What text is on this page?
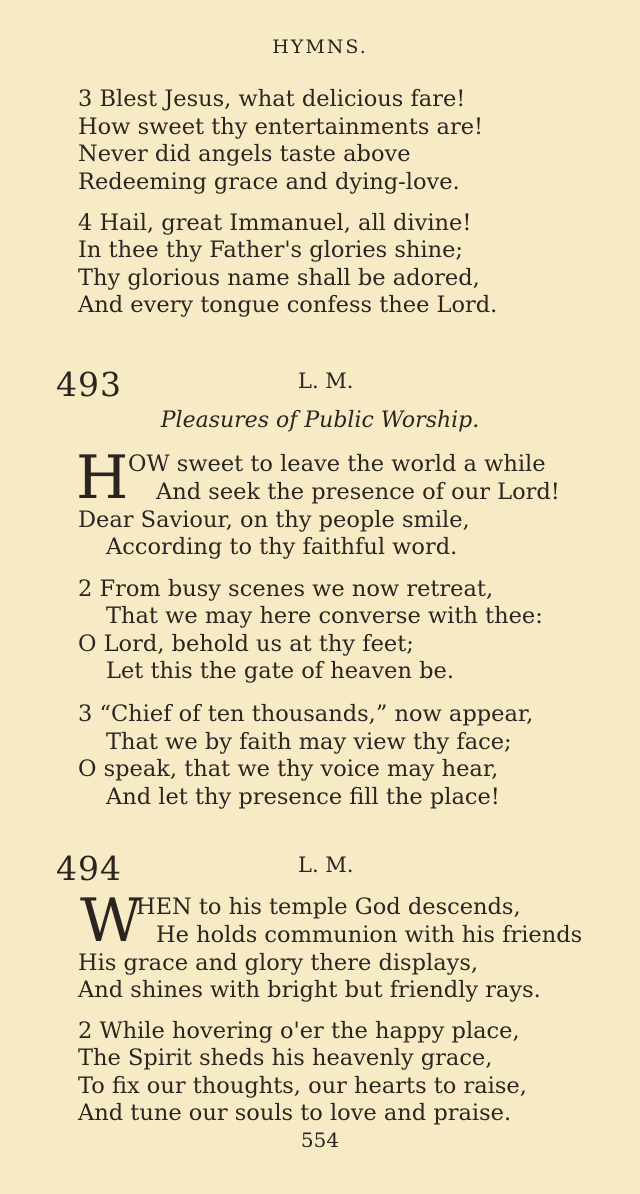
HYMNS.
3 Blest Jesus, what delicious fare!
How sweet thy entertainments are!
Never did angels taste above
Redeeming grace and dying-love.
4 Hail, great Immanuel, all divine!
In thee thy Father's glories shine;
Thy glorious name shall be adored,
And every tongue confess thee Lord.
493	L. M.
Pleasures of Public Worship.
H OW sweet to leave the world a while
And seek the presence of our Lord!
Dear Saviour, on thy people smile,
According to thy faithful word.
2 From busy scenes we now retreat,
That we may here converse with thee:
O Lord, behold us at thy feet;
Let this the gate of heaven be.
3 “Chief of ten thousands,” now appear,
That we by faith may view thy face;
O speak, that we thy voice may hear,
And let thy presence fill the place!
494	L. M.
W
HEN to his temple God descends,
He holds communion with his friends
His grace and glory there displays,
And shines with bright but friendly rays.
2 While hovering o'er the happy place,
The Spirit sheds his heavenly grace,
To fix our thoughts, our hearts to raise,
And tune our souls to love and praise.
554
